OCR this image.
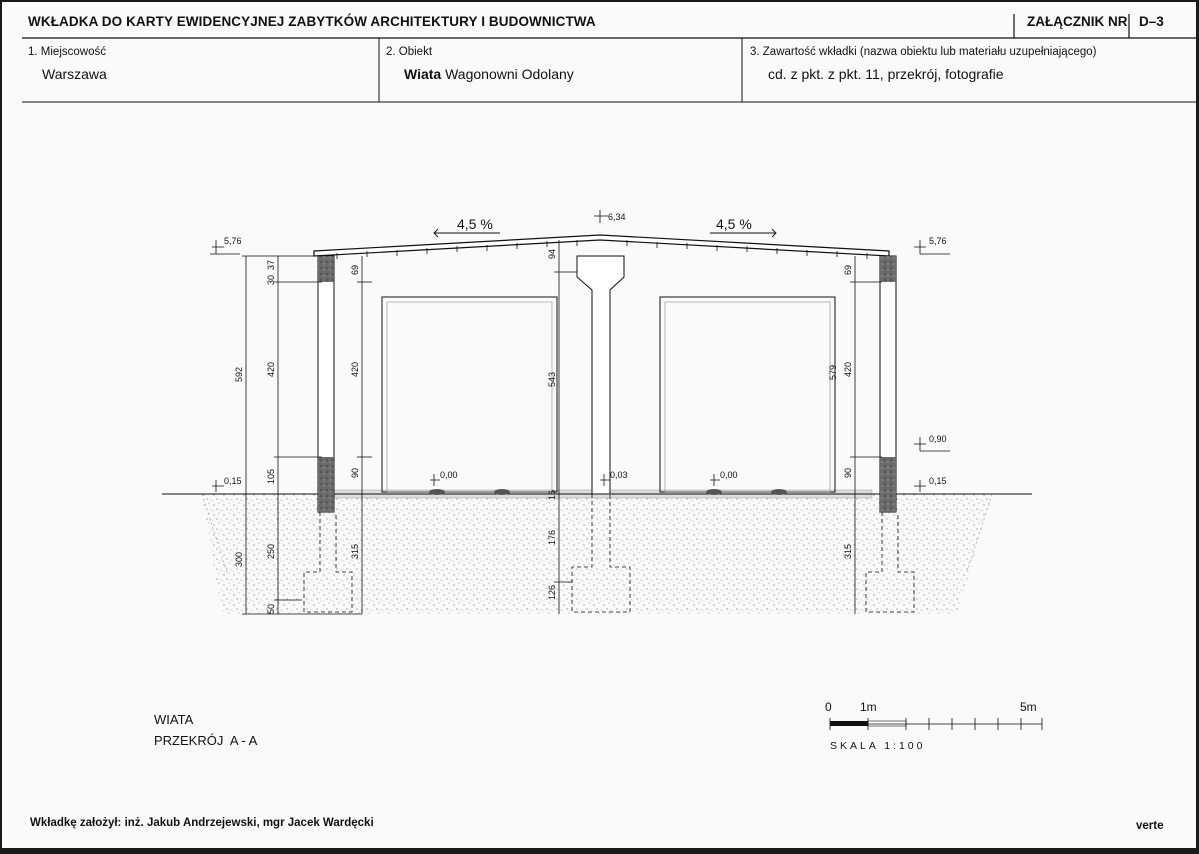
WKŁADKA DO KARTY EWIDENCYJNEJ ZABYTKÓW ARCHITEKTURY I BUDOWNICTWA	ZAŁĄCZNIK NR D–3
1. Miejscowość
Warszawa
2. Obiekt
Wiata Wagonowni Odolany
3. Zawartość wkładki (nazwa obiektu lub materiału uzupełniającego)
cd. z pkt. z pkt. 11, przekrój, fotografie
4,5 %	4,5 %
5,76
6,34
5,76
0,90
0,15	0,15
0,00	0,03	0,00
592
30
37
420
105
300
250
50
69
420
90
315
94
543
16
176
126
579
69
420
90
315
WIATA
PRZEKRÓJ  A - A
0 1m	5m
SKALA 1:100
Wkładkę założył: inż. Jakub Andrzejewski, mgr Jacek Wardęcki	verte
